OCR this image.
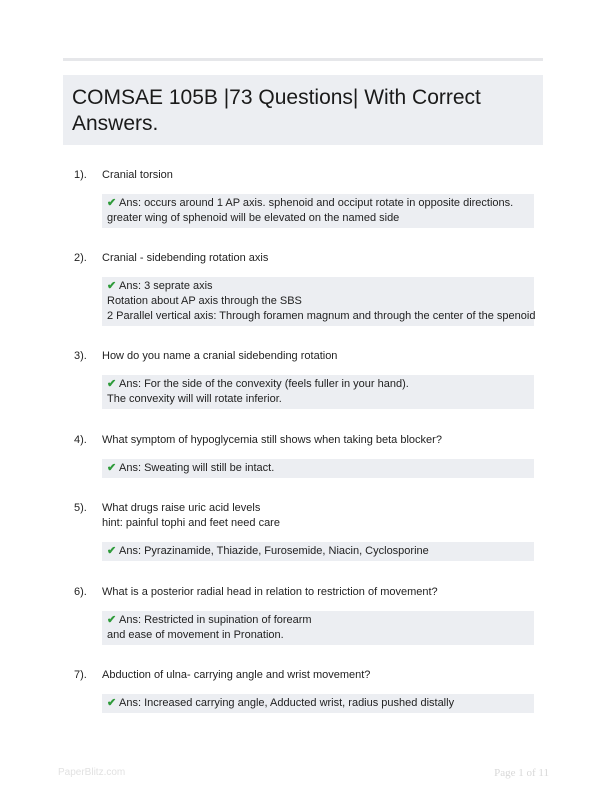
COMSAE 105B |73 Questions| With Correct Answers.
1). Cranial torsion
✔ Ans: occurs around 1 AP axis. sphenoid and occiput rotate in opposite directions.
greater wing of sphenoid will be elevated on the named side
2). Cranial - sidebending rotation axis
✔ Ans: 3 seprate axis
Rotation about AP axis through the SBS
2 Parallel vertical axis: Through foramen magnum and through the center of the spenoid
3). How do you name a cranial sidebending rotation
✔ Ans: For the side of the convexity (feels fuller in your hand).
The convexity will will rotate inferior.
4). What symptom of hypoglycemia still shows when taking beta blocker?
✔ Ans: Sweating will still be intact.
5). What drugs raise uric acid levels
hint: painful tophi and feet need care
✔ Ans: Pyrazinamide, Thiazide, Furosemide, Niacin, Cyclosporine
6). What is a posterior radial head in relation to restriction of movement?
✔ Ans: Restricted in supination of forearm
and ease of movement in Pronation.
7). Abduction of ulna- carrying angle and wrist movement?
✔ Ans: Increased carrying angle, Adducted wrist, radius pushed distally
PaperBlitz.com	Page 1 of 11
